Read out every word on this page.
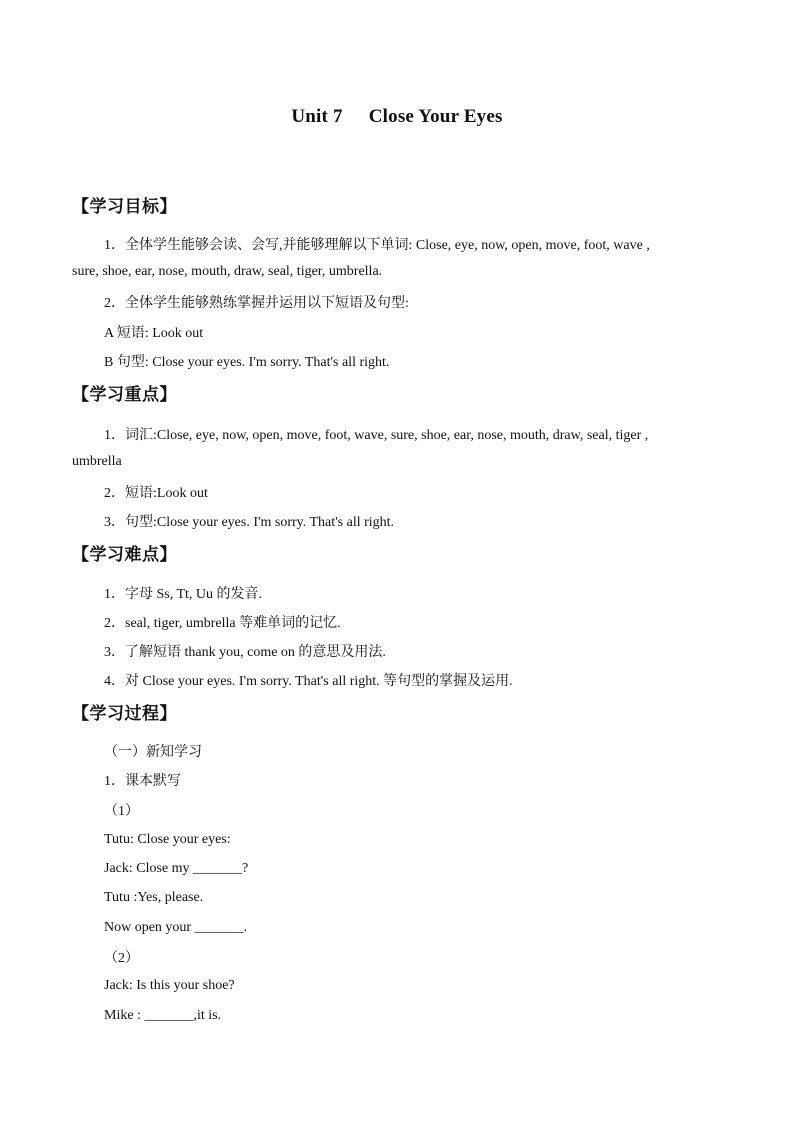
Unit 7 Close Your Eyes
【学习目标】
1．全体学生能够会读、会写,并能够理解以下单词: Close, eye, now, open, move, foot, wave ,
sure, shoe, ear, nose, mouth, draw, seal, tiger, umbrella.
2．全体学生能够熟练掌握并运用以下短语及句型:
A 短语: Look out
B 句型: Close your eyes. I'm sorry. That's all right.
【学习重点】
1．词汇:Close, eye, now, open, move, foot, wave, sure, shoe, ear, nose, mouth, draw, seal, tiger ,
umbrella
2．短语:Look out
3．句型:Close your eyes. I'm sorry. That's all right.
【学习难点】
1．字母 Ss, Tt, Uu 的发音.
2．seal, tiger, umbrella 等难单词的记忆.
3．了解短语 thank you, come on 的意思及用法.
4．对 Close your eyes. I'm sorry. That's all right. 等句型的掌握及运用.
【学习过程】
（一）新知学习
1．课本默写
（1）
Tutu: Close your eyes:
Jack: Close my _______?
Tutu :Yes, please.
Now open your _______.
（2）
Jack: Is this your shoe?
Mike : _______,it is.
